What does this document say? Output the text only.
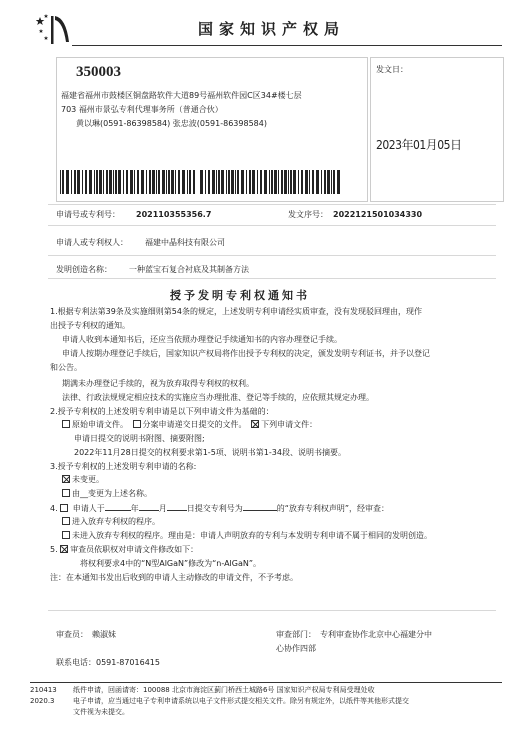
国家知识产权局
350003
福建省福州市鼓楼区铜盘路软件大道89号福州软件园C区34#楼七层
703 福州市景弘专利代理事务所（普通合伙）
黄以琳(0591-86398584) 张忠波(0591-86398584)
发文日：
2023年01月05日
申请号或专利号： 202110355356.7	发文序号： 2022121501034330
申请人或专利权人： 福建中晶科技有限公司
发明创造名称： 一种蓝宝石复合衬底及其制备方法
授予发明专利权通知书
1.根据专利法第39条及实施细则第54条的规定，上述发明专利申请经实质审查，没有发现驳回理由，现作
出授予专利权的通知。
申请人收到本通知书后，还应当依照办理登记手续通知书的内容办理登记手续。
申请人按期办理登记手续后，国家知识产权局将作出授予专利权的决定，颁发发明专利证书，并予以登记
和公告。
期满未办理登记手续的，视为放弃取得专利权的权利。
法律、行政法规规定相应技术的实施应当办理批准、登记等手续的，应依照其规定办理。
2.授予专利权的上述发明专利申请是以下列申请文件为基础的：
原始申请文件。 分案申请递交日提交的文件。 下列申请文件：
申请日提交的说明书附图、摘要附图;
2022年11月28日提交的权利要求第1-5项、说明书第1-34段、说明书摘要。
3.授予专利权的上述发明专利申请的名称:
未变更。
由__变更为上述名称。
4. 申请人于	年	月	日提交专利号为	的“放弃专利权声明”，经审查：
进入放弃专利权的程序。
未进入放弃专利权的程序。理由是：申请人声明放弃的专利与本发明专利申请不属于相同的发明创造。
5. 审查员依职权对申请文件修改如下：
将权利要求4中的“N型AlGaN”修改为“n-AlGaN”。
注：在本通知书发出后收到的申请人主动修改的申请文件，不予考虑。
审查员： 赖淑妹	审查部门： 专利审查协作北京中心福建分中
心协作四部
联系电话： 0591-87016415
210413
2020.3
纸件申请，回函请寄：100088 北京市海淀区蓟门桥西土城路6号 国家知识产权局专利局受理处收
电子申请，应当通过电子专利申请系统以电子文件形式提交相关文件。除另有规定外，以纸件等其他形式提交
文件视为未提交。
